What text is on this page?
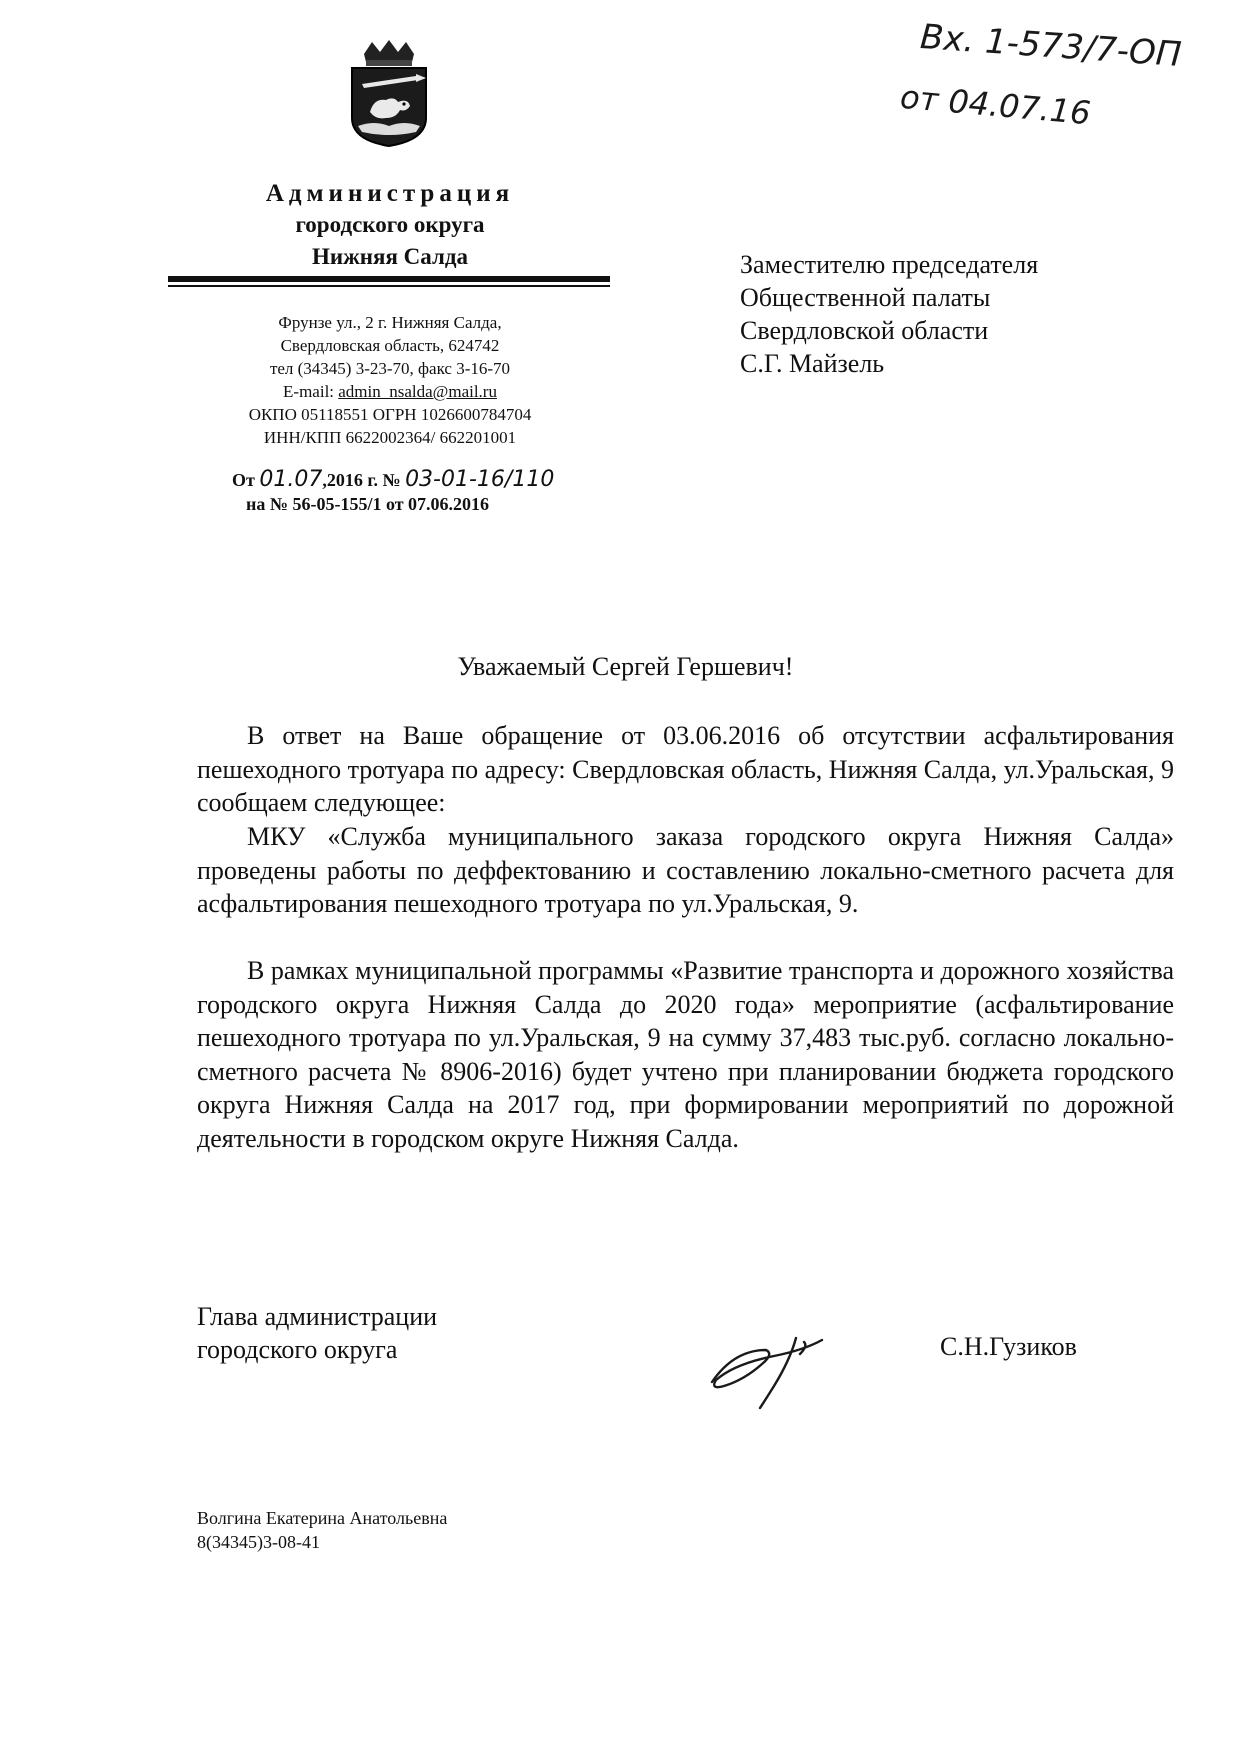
Вх. 1-573/7-ОП
от 04.07.16
Администрация
городского округа
Нижняя Салда
Фрунзе ул., 2 г. Нижняя Салда,
Свердловская область, 624742
тел (34345) 3-23-70, факс 3-16-70
E-mail: admin_nsalda@mail.ru
ОКПО 05118551 ОГРН 1026600784704
ИНН/КПП 6622002364/ 662201001
От 01.07,2016 г. № 03-01-16/110
на № 56-05-155/1 от 07.06.2016
Заместителю председателя
Общественной палаты
Свердловской области
С.Г. Майзель
Уважаемый Сергей Гершевич!
В ответ на Ваше обращение от 03.06.2016 об отсутствии асфальтирования пешеходного тротуара по адресу: Свердловская область, Нижняя Салда, ул.Уральская, 9 сообщаем следующее:
МКУ «Служба муниципального заказа городского округа Нижняя Салда» проведены работы по деффектованию и составлению локально-сметного расчета для асфальтирования пешеходного тротуара по ул.Уральская, 9.
В рамках муниципальной программы «Развитие транспорта и дорожного хозяйства городского округа Нижняя Салда до 2020 года» мероприятие (асфальтирование пешеходного тротуара по ул.Уральская, 9 на сумму 37,483 тыс.руб. согласно локально-сметного расчета № 8906-2016) будет учтено при планировании бюджета городского округа Нижняя Салда на 2017 год, при формировании мероприятий по дорожной деятельности в городском округе Нижняя Салда.
Глава администрации
городского округа	С.Н.Гузиков
Волгина Екатерина Анатольевна
8(34345)3-08-41
